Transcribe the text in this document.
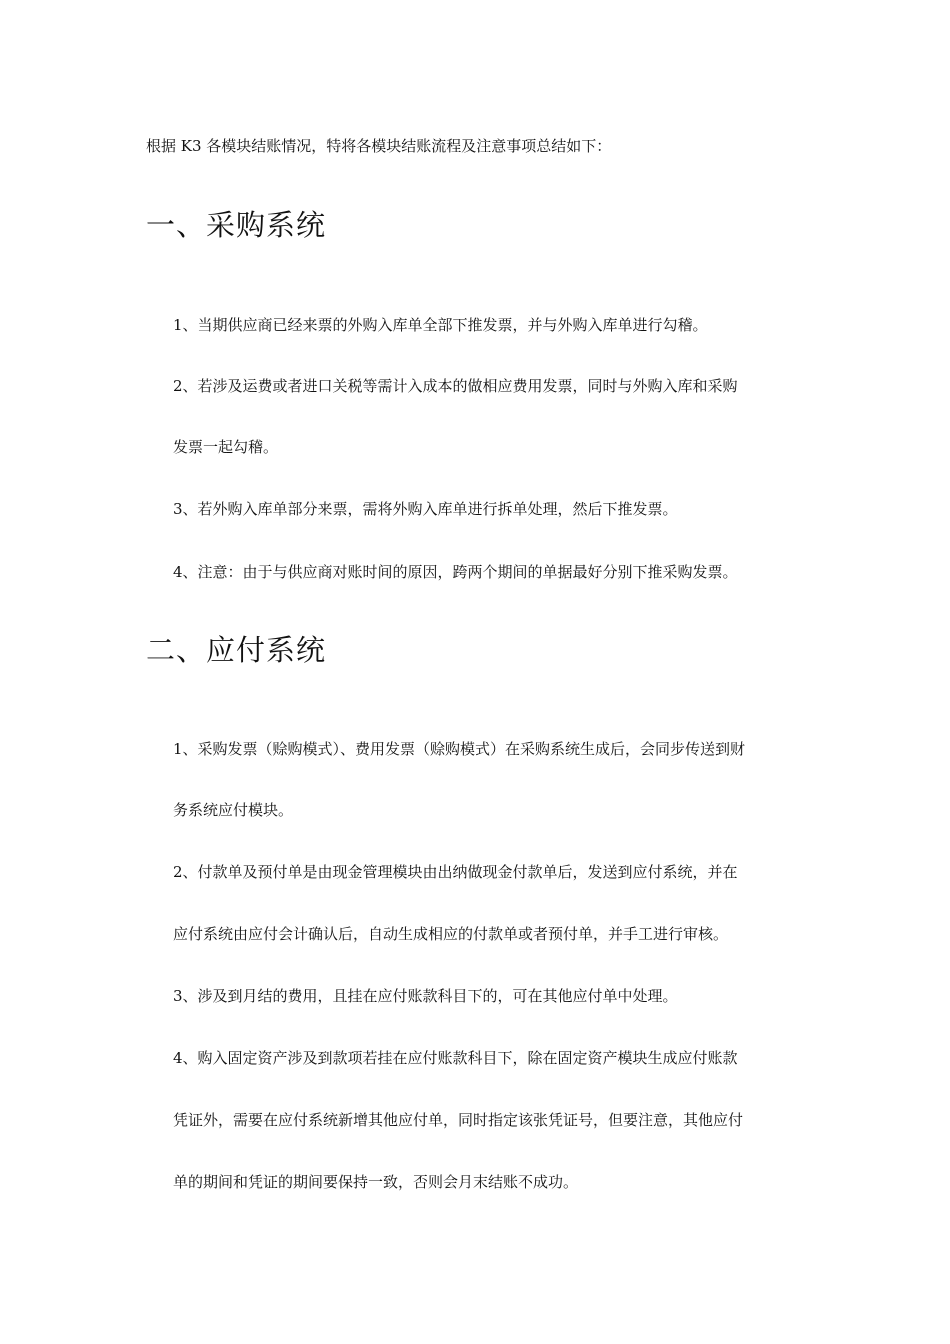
根据 K3 各模块结账情况，特将各模块结账流程及注意事项总结如下：
一、采购系统
1、当期供应商已经来票的外购入库单全部下推发票，并与外购入库单进行勾稽。
2、若涉及运费或者进口关税等需计入成本的做相应费用发票，同时与外购入库和采购
发票一起勾稽。
3、若外购入库单部分来票，需将外购入库单进行拆单处理，然后下推发票。
4、注意：由于与供应商对账时间的原因，跨两个期间的单据最好分别下推采购发票。
二、应付系统
1、采购发票（赊购模式）、费用发票（赊购模式）在采购系统生成后，会同步传送到财
务系统应付模块。
2、付款单及预付单是由现金管理模块由出纳做现金付款单后，发送到应付系统，并在
应付系统由应付会计确认后，自动生成相应的付款单或者预付单，并手工进行审核。
3、涉及到月结的费用，且挂在应付账款科目下的，可在其他应付单中处理。
4、购入固定资产涉及到款项若挂在应付账款科目下，除在固定资产模块生成应付账款
凭证外，需要在应付系统新增其他应付单，同时指定该张凭证号，但要注意，其他应付
单的期间和凭证的期间要保持一致，否则会月末结账不成功。
